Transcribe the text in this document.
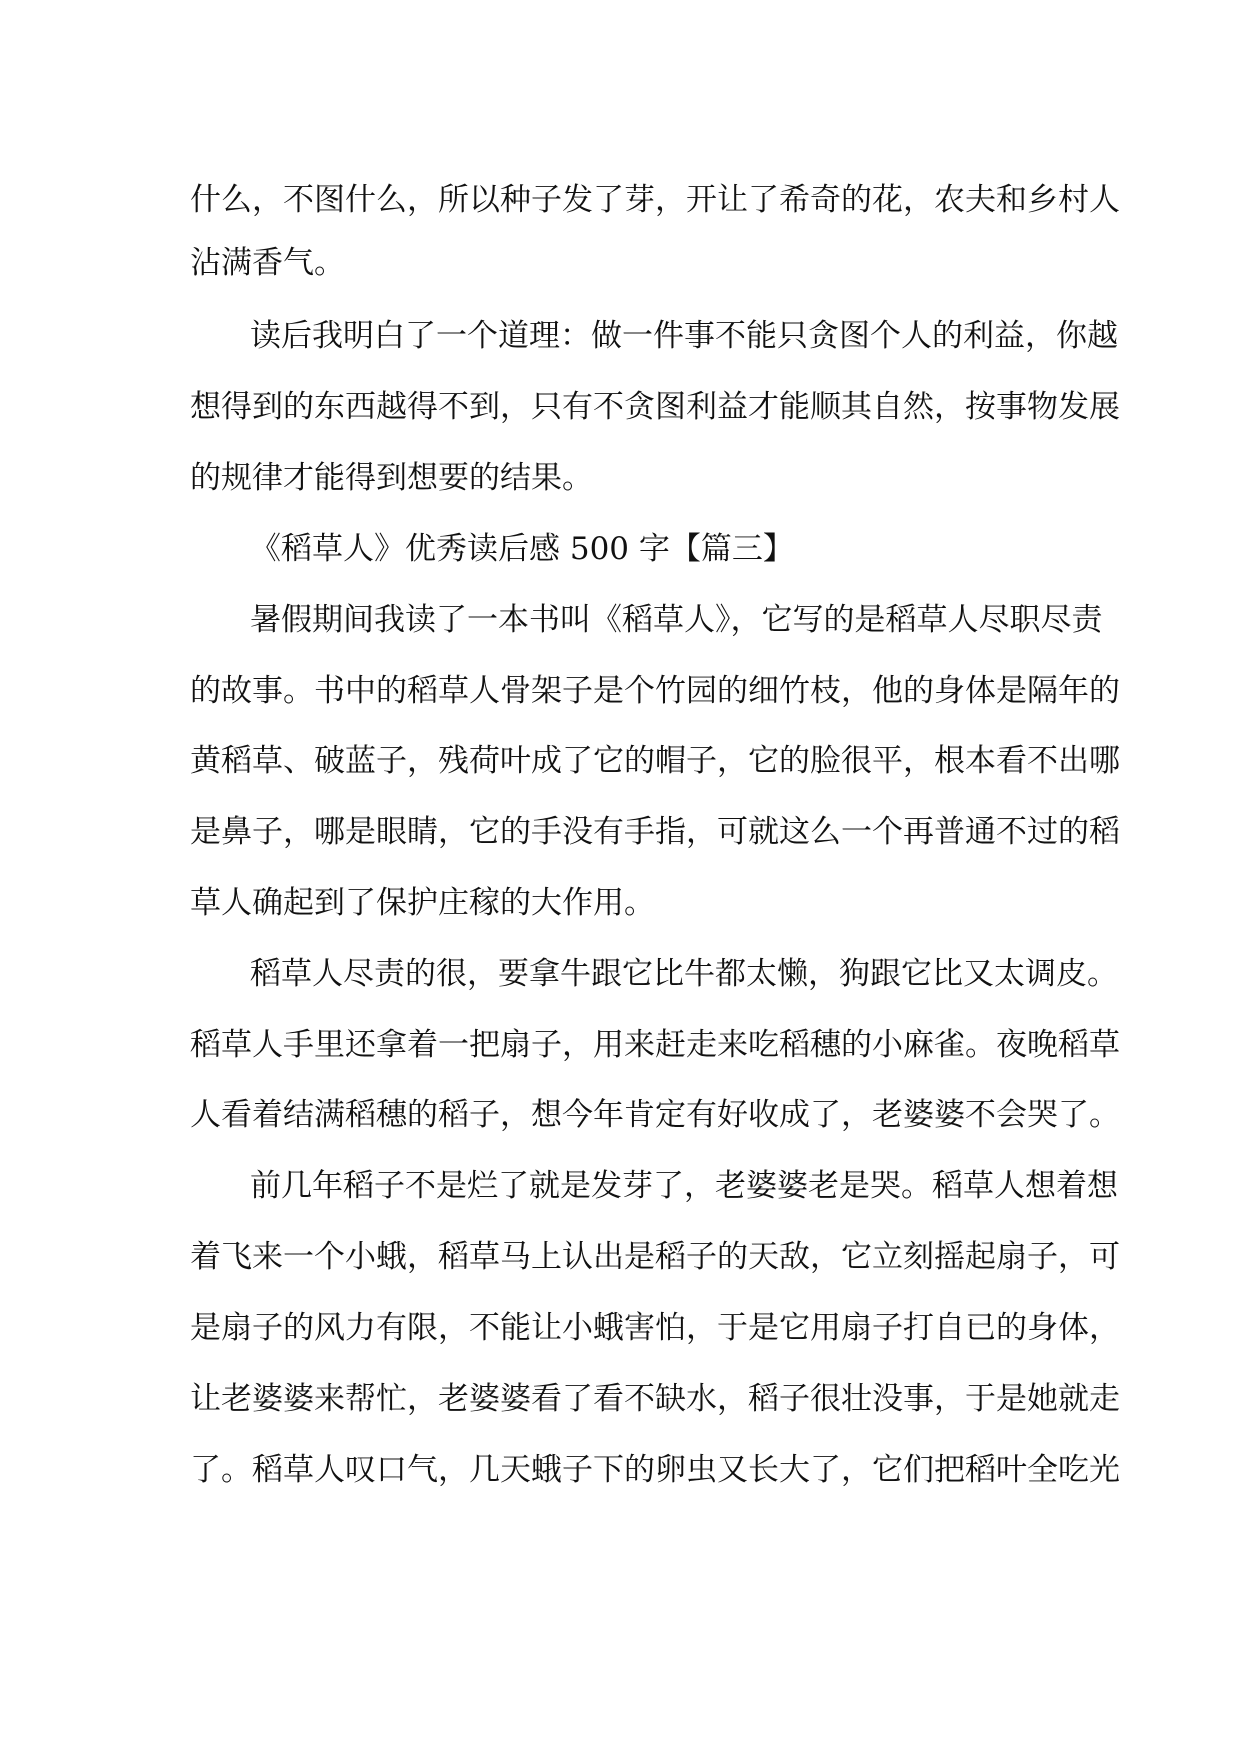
什么，不图什么，所以种子发了芽，开让了希奇的花，农夫和乡村人
沾满香气。
读后我明白了一个道理：做一件事不能只贪图个人的利益，你越
想得到的东西越得不到，只有不贪图利益才能顺其自然，按事物发展
的规律才能得到想要的结果。
《稻草人》优秀读后感 500 字【篇三】
暑假期间我读了一本书叫《稻草人》，它写的是稻草人尽职尽责
的故事。书中的稻草人骨架子是个竹园的细竹枝，他的身体是隔年的
黄稻草、破蓝子，残荷叶成了它的帽子，它的脸很平，根本看不出哪
是鼻子，哪是眼睛，它的手没有手指，可就这么一个再普通不过的稻
草人确起到了保护庄稼的大作用。
稻草人尽责的很，要拿牛跟它比牛都太懒，狗跟它比又太调皮。
稻草人手里还拿着一把扇子，用来赶走来吃稻穗的小麻雀。夜晚稻草
人看着结满稻穗的稻子，想今年肯定有好收成了，老婆婆不会哭了。
前几年稻子不是烂了就是发芽了，老婆婆老是哭。稻草人想着想
着飞来一个小蛾，稻草马上认出是稻子的天敌，它立刻摇起扇子，可
是扇子的风力有限，不能让小蛾害怕，于是它用扇子打自已的身体，
让老婆婆来帮忙，老婆婆看了看不缺水，稻子很壮没事，于是她就走
了。稻草人叹口气，几天蛾子下的卵虫又长大了，它们把稻叶全吃光
